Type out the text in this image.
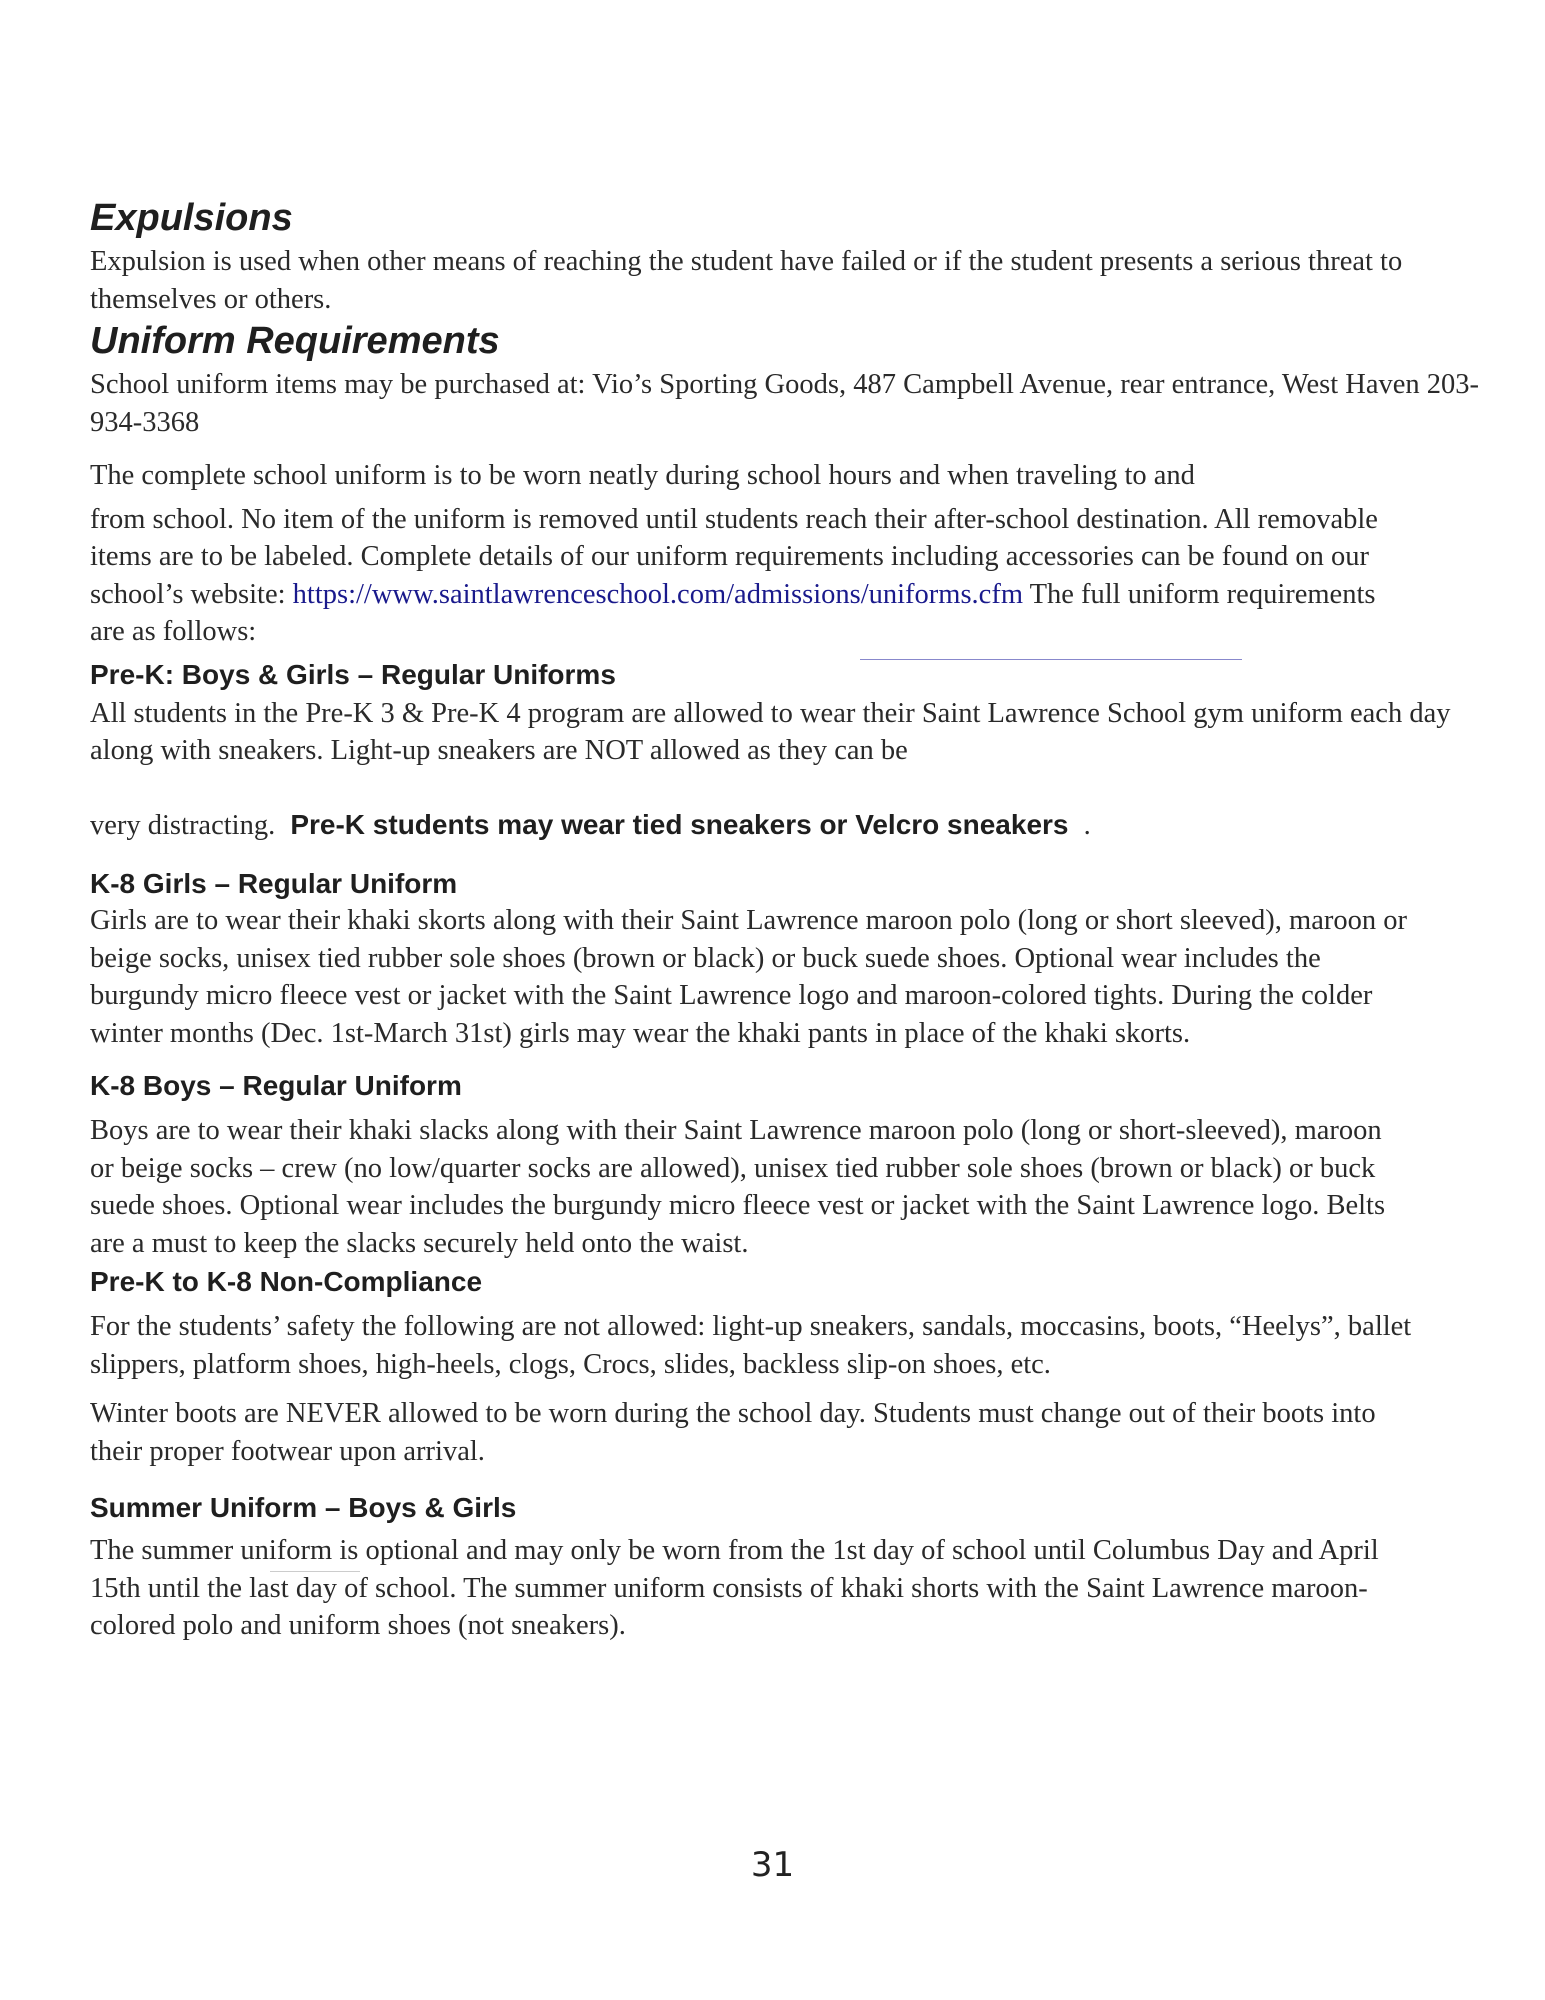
Expulsions

Expulsion is used when other means of reaching the student have failed or if the student presents a serious threat to themselves or others.

Uniform Requirements

School uniform items may be purchased at: Vio’s Sporting Goods, 487 Campbell Avenue, rear entrance, West Haven 203-934-3368

The complete school uniform is to be worn neatly during school hours and when traveling to and

from school. No item of the uniform is removed until students reach their after-school destination. All removable items are to be labeled. Complete details of our uniform requirements including accessories can be found on our school’s website: https://www.saintlawrenceschool.com/admissions/uniforms.cfm The full uniform requirements are as follows:

Pre-K: Boys & Girls – Regular Uniforms

All students in the Pre-K 3 & Pre-K 4 program are allowed to wear their Saint Lawrence School gym uniform each day along with sneakers. Light-up sneakers are NOT allowed as they can be

very distracting. Pre-K students may wear tied sneakers or Velcro sneakers .

K-8 Girls – Regular Uniform

Girls are to wear their khaki skorts along with their Saint Lawrence maroon polo (long or short sleeved), maroon or beige socks, unisex tied rubber sole shoes (brown or black) or buck suede shoes. Optional wear includes the burgundy micro fleece vest or jacket with the Saint Lawrence logo and maroon-colored tights. During the colder winter months (Dec. 1st-March 31st) girls may wear the khaki pants in place of the khaki skorts.

K-8 Boys – Regular Uniform

Boys are to wear their khaki slacks along with their Saint Lawrence maroon polo (long or short-sleeved), maroon or beige socks – crew (no low/quarter socks are allowed), unisex tied rubber sole shoes (brown or black) or buck suede shoes. Optional wear includes the burgundy micro fleece vest or jacket with the Saint Lawrence logo. Belts are a must to keep the slacks securely held onto the waist.

Pre-K to K-8 Non-Compliance

For the students’ safety the following are not allowed: light-up sneakers, sandals, moccasins, boots, “Heelys”, ballet slippers, platform shoes, high-heels, clogs, Crocs, slides, backless slip-on shoes, etc.

Winter boots are NEVER allowed to be worn during the school day. Students must change out of their boots into their proper footwear upon arrival.

Summer Uniform – Boys & Girls

The summer uniform is optional and may only be worn from the 1st day of school until Columbus Day and April 15th until the last day of school. The summer uniform consists of khaki shorts with the Saint Lawrence maroon-colored polo and uniform shoes (not sneakers).

31
